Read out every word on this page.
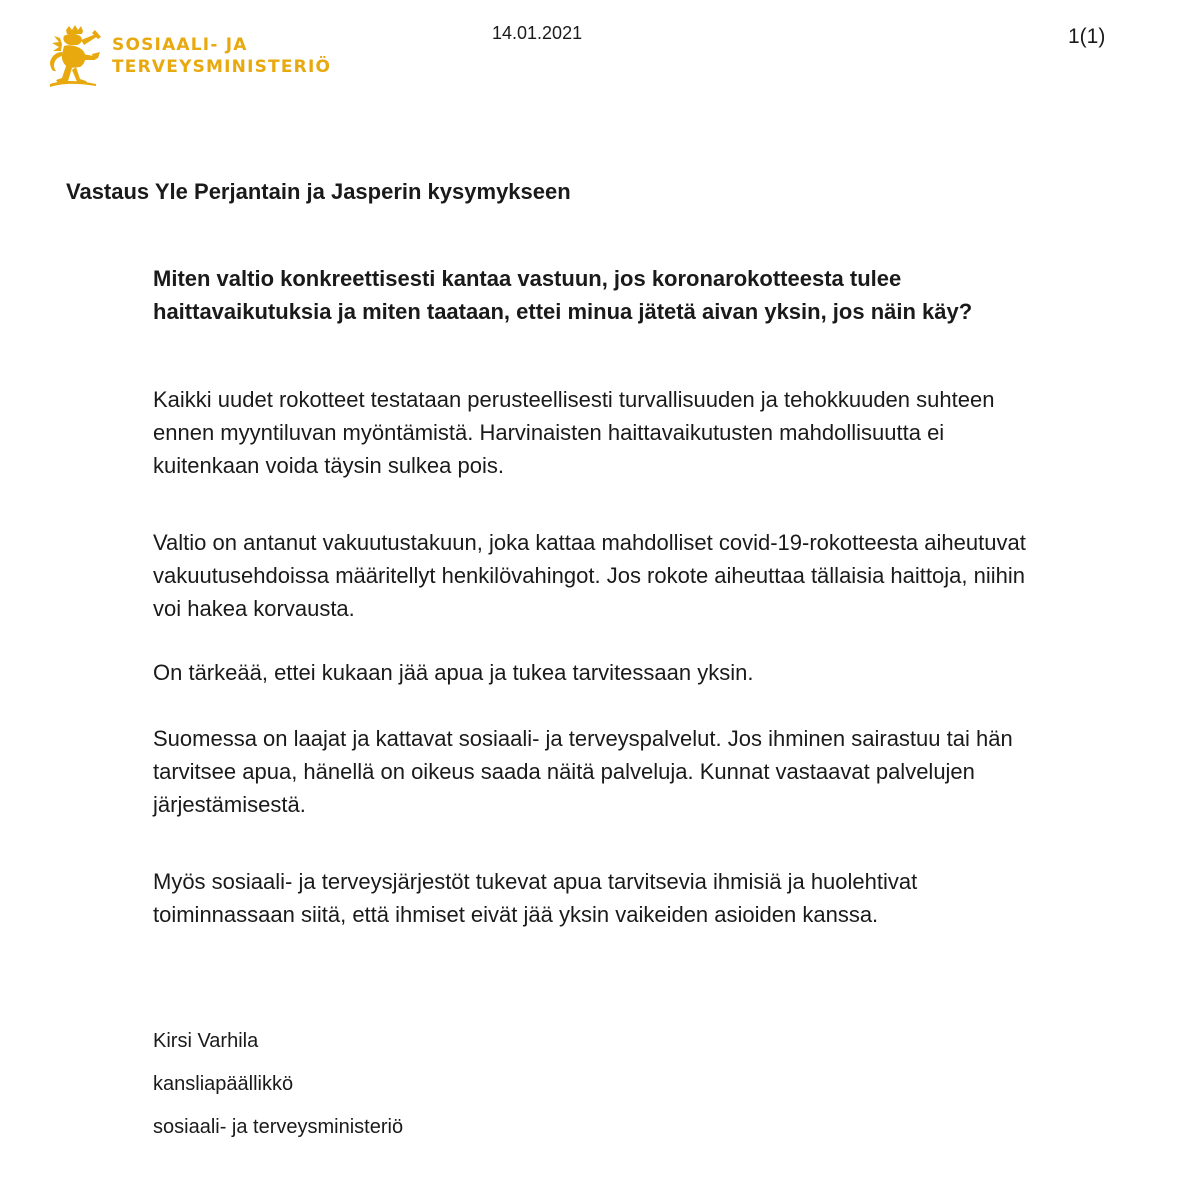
SOSIAALI- JA
TERVEYSMINISTERIÖ
14.01.2021	1(1)
Vastaus Yle Perjantain ja Jasperin kysymykseen
Miten valtio konkreettisesti kantaa vastuun, jos koronarokotteesta tulee
haittavaikutuksia ja miten taataan, ettei minua jätetä aivan yksin, jos näin käy?
Kaikki uudet rokotteet testataan perusteellisesti turvallisuuden ja tehokkuuden suhteen
ennen myyntiluvan myöntämistä. Harvinaisten haittavaikutusten mahdollisuutta ei
kuitenkaan voida täysin sulkea pois.
Valtio on antanut vakuutustakuun, joka kattaa mahdolliset covid-19-rokotteesta aiheutuvat
vakuutusehdoissa määritellyt henkilövahingot. Jos rokote aiheuttaa tällaisia haittoja, niihin
voi hakea korvausta.
On tärkeää, ettei kukaan jää apua ja tukea tarvitessaan yksin.
Suomessa on laajat ja kattavat sosiaali- ja terveyspalvelut. Jos ihminen sairastuu tai hän
tarvitsee apua, hänellä on oikeus saada näitä palveluja. Kunnat vastaavat palvelujen
järjestämisestä.
Myös sosiaali- ja terveysjärjestöt tukevat apua tarvitsevia ihmisiä ja huolehtivat
toiminnassaan siitä, että ihmiset eivät jää yksin vaikeiden asioiden kanssa.
Kirsi Varhila
kansliapäällikkö
sosiaali- ja terveysministeriö
